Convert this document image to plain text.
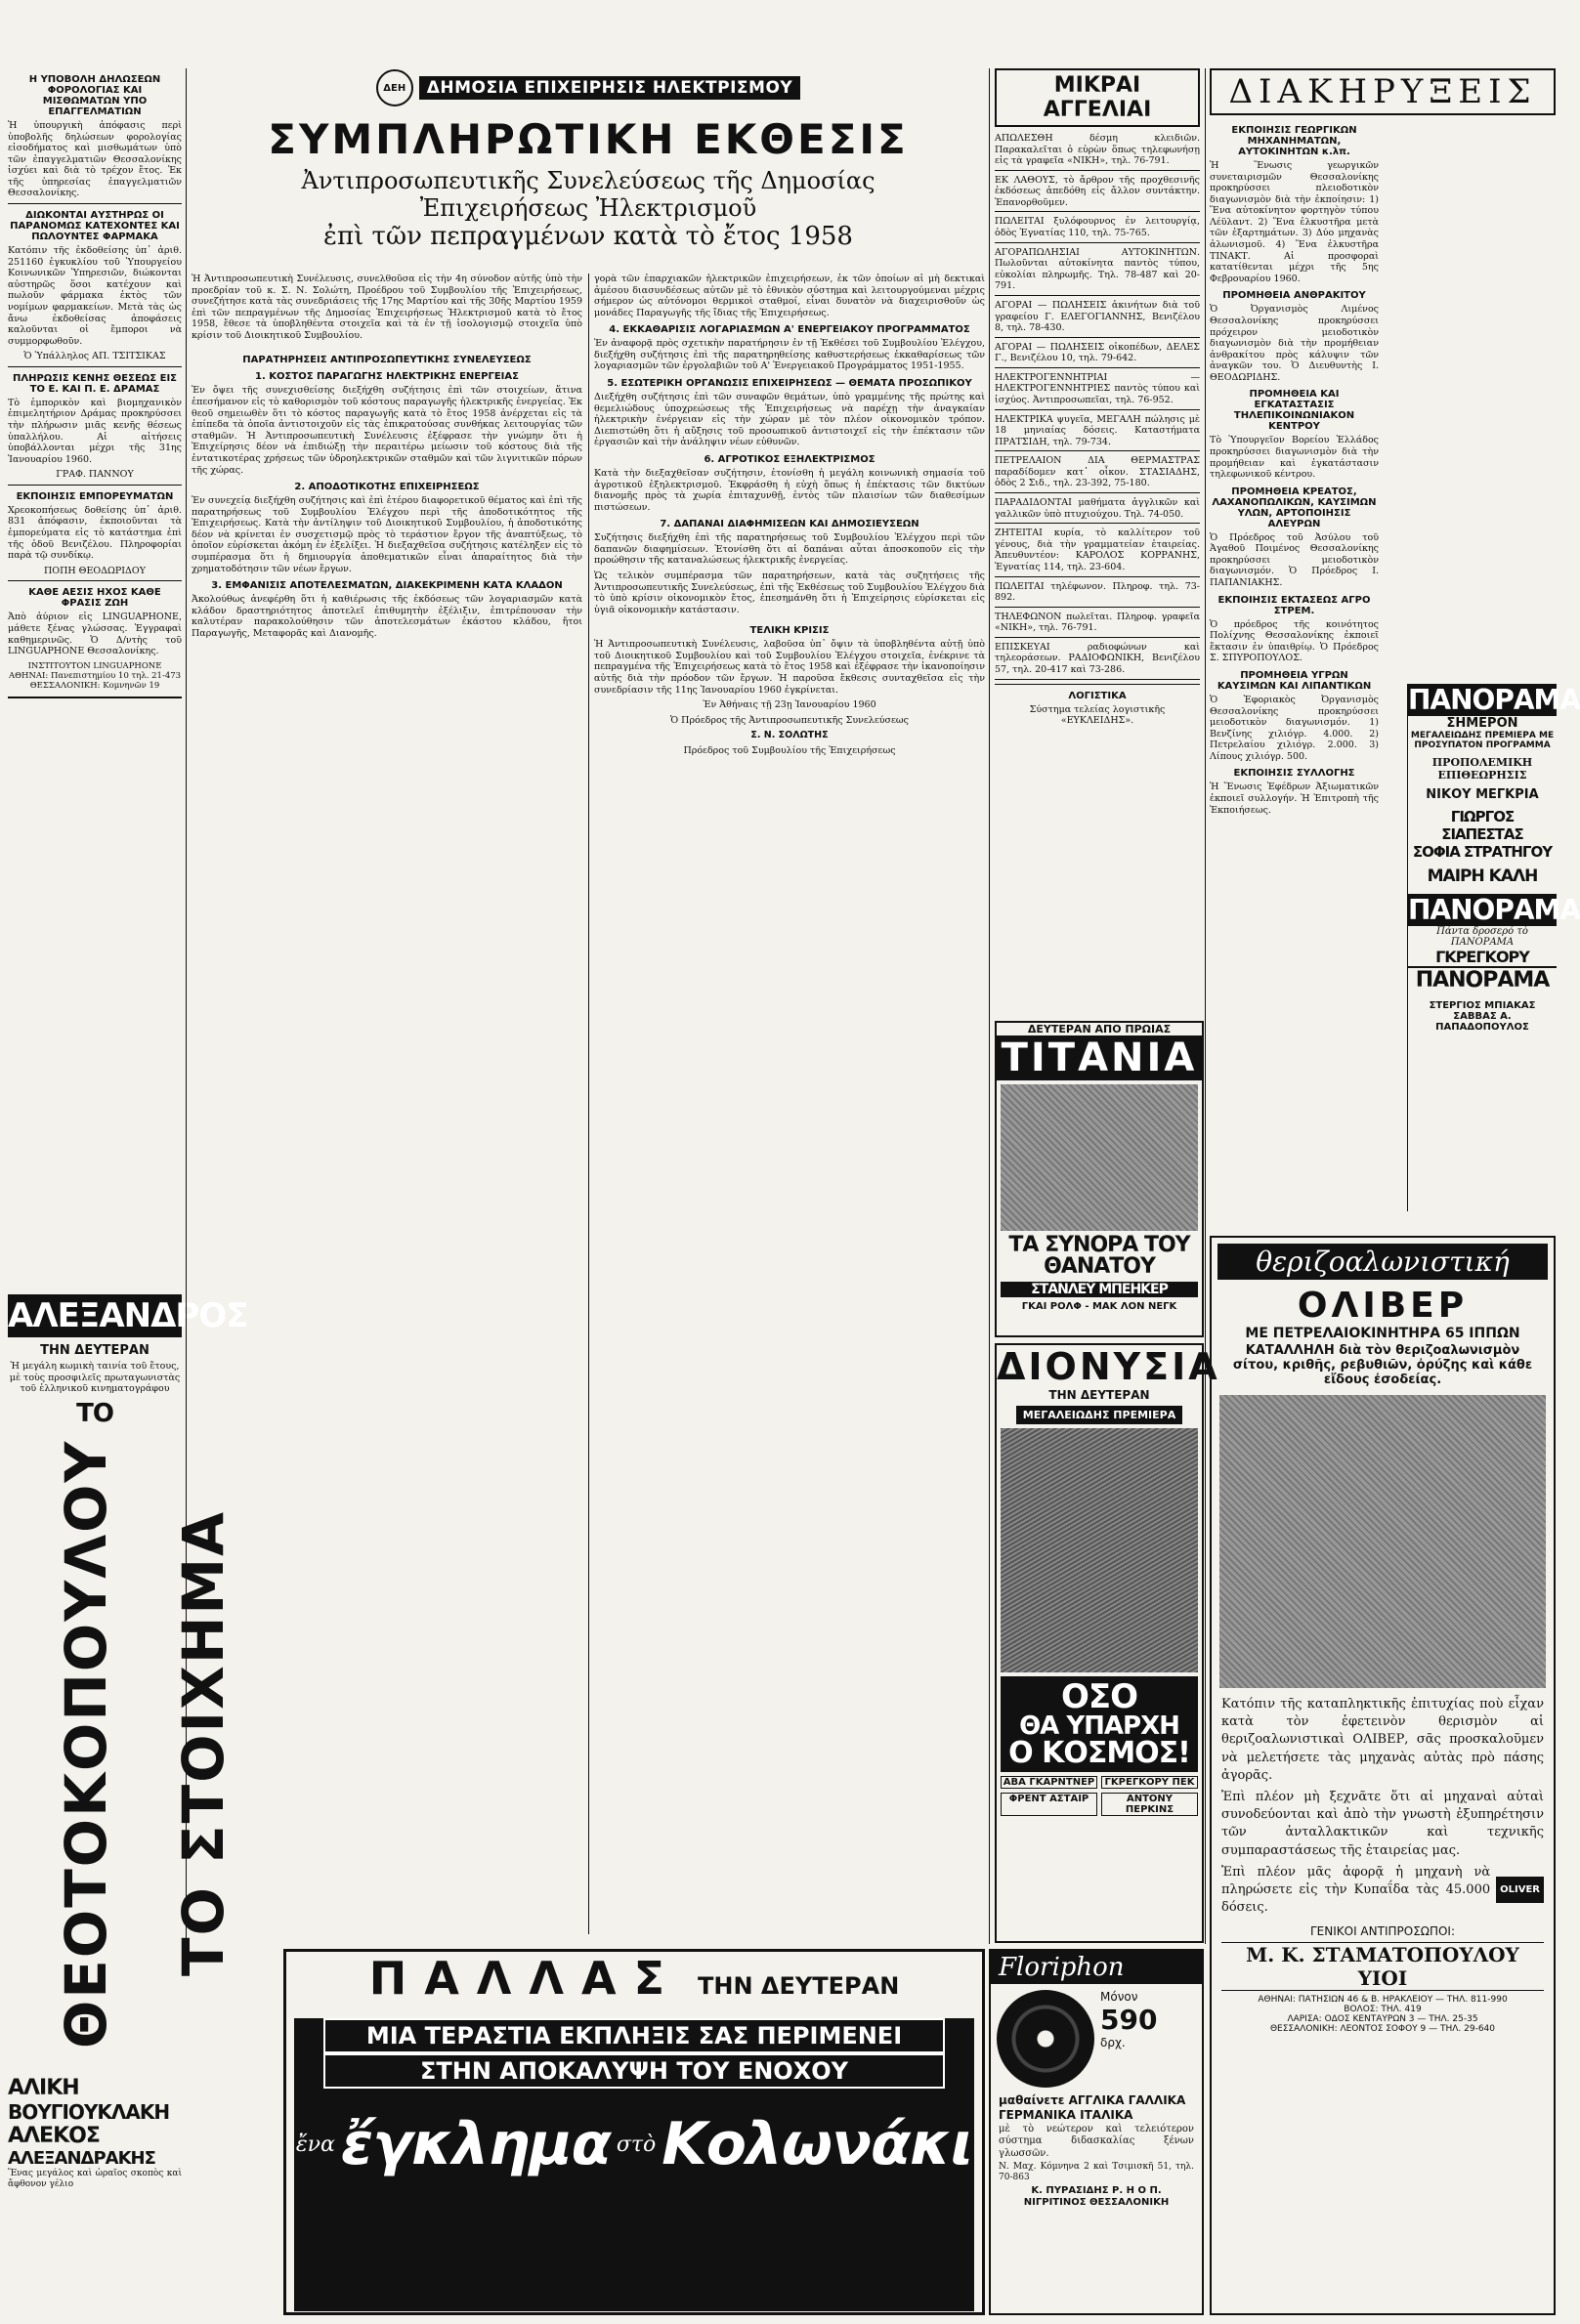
Η ΥΠΟΒΟΛΗ ΔΗΛΩΣΕΩΝ ΦΟΡΟΛΟΓΙΑΣ ΚΑΙ ΜΙΣΘΩΜΑΤΩΝ ΥΠΟ ΕΠΑΓΓΕΛΜΑΤΙΩΝ

Ἡ ὑπουργικὴ ἀπόφασις περὶ ὑποβολῆς δηλώσεων φορολογίας εἰσοδήματος καὶ μισθωμάτων ὑπὸ τῶν ἐπαγγελματιῶν Θεσσαλονίκης ἰσχύει καὶ διὰ τὸ τρέχον ἔτος. Ἐκ τῆς ὑπηρεσίας ἐπαγγελματιῶν Θεσσαλονίκης.

ΔΙΩΚΟΝΤΑΙ ΑΥΣΤΗΡΩΣ ΟΙ ΠΑΡΑΝΟΜΩΣ ΚΑΤΕΧΟΝΤΕΣ ΚΑΙ ΠΩΛΟΥΝΤΕΣ ΦΑΡΜΑΚΑ

Κατόπιν τῆς ἐκδοθείσης ὑπ᾽ ἀριθ. 251160 ἐγκυκλίου τοῦ Ὑπουργείου Κοινωνικῶν Ὑπηρεσιῶν, διώκονται αὐστηρῶς ὅσοι κατέχουν καὶ πωλοῦν φάρμακα ἐκτὸς τῶν νομίμων φαρμακείων. Μετὰ τὰς ὡς ἄνω ἐκδοθείσας ἀποφάσεις καλοῦνται οἱ ἔμποροι νὰ συμμορφωθοῦν.

Ὁ Ὑπάλληλος ΑΠ. ΤΣΙΤΣΙΚΑΣ

ΠΛΗΡΩΣΙΣ ΚΕΝΗΣ ΘΕΣΕΩΣ ΕΙΣ ΤΟ Ε. ΚΑΙ Π. Ε. ΔΡΑΜΑΣ

Τὸ ἐμπορικὸν καὶ βιομηχανικὸν ἐπιμελητήριον Δράμας προκηρύσσει τὴν πλήρωσιν μιᾶς κενῆς θέσεως ὑπαλλήλου. Αἱ αἰτήσεις ὑποβάλλονται μέχρι τῆς 31ης Ἰανουαρίου 1960.

ΓΡΑΦ. ΠΑΝΝΟΥ

ΕΚΠΟΙΗΣΙΣ ΕΜΠΟΡΕΥΜΑΤΩΝ

Χρεοκοπήσεως δοθείσης ὑπ᾽ ἀριθ. 831 ἀπόφασιν, ἐκποιοῦνται τὰ ἐμπορεύματα εἰς τὸ κατάστημα ἐπὶ τῆς ὁδοῦ Βενιζέλου. Πληροφορίαι παρὰ τῷ συνδίκῳ.

ΠΟΠΗ ΘΕΟΔΩΡΙΔΟΥ

ΚΑΘΕ ΑΕΣΙΣ ΗΧΟΣ ΚΑΘΕ ΦΡΑΣΙΣ ΖΩΗ

Ἀπὸ ἀύριον εἰς LINGUAPHONE, μάθετε ξένας γλώσσας. Ἐγγραφαὶ καθημερινῶς. Ὁ Δ/ντὴς τοῦ LINGUAPHONE Θεσσαλονίκης.

ΙΝΣΤΙΤΟΥΤΟΝ LINGUAPHONE ΑΘΗΝΑΙ: Πανεπιστημίου 10 τηλ. 21-473 ΘΕΣΣΑΛΟΝΙΚΗ: Κομνηνῶν 19

ΑΛΕΞΑΝΔΡΟΣ
ΤΗΝ ΔΕΥΤΕΡΑΝ

Ἡ μεγάλη κωμικὴ ταινία τοῦ ἔτους, μὲ τοὺς προσφιλεῖς πρωταγωνιστὰς τοῦ ἑλληνικοῦ κινηματογράφου

ΤΟ
ΘΕΟΤΟΚΟΠΟΥΛΟΥ ΤΟ ΣΤΟΙΧΗΜΑ
ΑΛΙΚΗ
ΒΟΥΓΙΟΥΚΛΑΚΗ
ΑΛΕΚΟΣ
ΑΛΕΞΑΝΔΡΑΚΗΣ

Ἕνας μεγάλος καὶ ὡραῖος σκοπὸς καὶ ἄφθονον γέλιο

ΔΕΗ	ΔΗΜΟΣΙΑ ΕΠΙΧΕΙΡΗΣΙΣ ΗΛΕΚΤΡΙΣΜΟΥ
ΣΥΜΠΛΗΡΩΤΙΚΗ ΕΚΘΕΣΙΣ
Ἀντιπροσωπευτικῆς Συνελεύσεως τῆς Δημοσίας
Ἐπιχειρήσεως Ἠλεκτρισμοῦ
ἐπὶ τῶν πεπραγμένων κατὰ τὸ ἔτος 1958

Ἡ Ἀντιπροσωπευτικὴ Συνέλευσις, συνελθοῦσα εἰς τὴν 4η σύνοδον αὐτῆς ὑπὸ τὴν προεδρίαν τοῦ κ. Σ. Ν. Σολώτη, Προέδρου τοῦ Συμβουλίου τῆς Ἐπιχειρήσεως, συνεζήτησε κατὰ τὰς συνεδριάσεις τῆς 17ης Μαρτίου καὶ τῆς 30ῆς Μαρτίου 1959 ἐπὶ τῶν πεπραγμένων τῆς Δημοσίας Ἐπιχειρήσεως Ἠλεκτρισμοῦ κατὰ τὸ ἔτος 1958, ἔθεσε τὰ ὑποβληθέντα στοιχεῖα καὶ τὰ ἐν τῇ ἰσολογισμῷ στοιχεῖα ὑπὸ κρίσιν τοῦ Διοικητικοῦ Συμβουλίου.

ΠΑΡΑΤΗΡΗΣΕΙΣ ΑΝΤΙΠΡΟΣΩΠΕΥΤΙΚΗΣ ΣΥΝΕΛΕΥΣΕΩΣ
1. ΚΟΣΤΟΣ ΠΑΡΑΓΩΓΗΣ ΗΛΕΚΤΡΙΚΗΣ ΕΝΕΡΓΕΙΑΣ

Ἐν ὄψει τῆς συνεχισθείσης διεξήχθη συζήτησις ἐπὶ τῶν στοιχείων, ἅτινα ἐπεσήμανον εἰς τὸ καθορισμὸν τοῦ κόστους παραγωγῆς ἠλεκτρικῆς ἐνεργείας. Ἐκ θεοῦ σημειωθὲν ὅτι τὸ κόστος παραγωγῆς κατὰ τὸ ἔτος 1958 ἀνέρχεται εἰς τὰ ἐπίπεδα τὰ ὁποῖα ἀντιστοιχοῦν εἰς τὰς ἐπικρατούσας συνθήκας λειτουργίας τῶν σταθμῶν. Ἡ Ἀντιπροσωπευτικὴ Συνέλευσις ἐξέφρασε τὴν γνώμην ὅτι ἡ Ἐπιχείρησις δέον νὰ ἐπιδιώξῃ τὴν περαιτέρω μείωσιν τοῦ κόστους διὰ τῆς ἐντατικοτέρας χρήσεως τῶν ὑδροηλεκτρικῶν σταθμῶν καὶ τῶν λιγνιτικῶν πόρων τῆς χώρας.

2. ΑΠΟΔΟΤΙΚΟΤΗΣ ΕΠΙΧΕΙΡΗΣΕΩΣ

Ἐν συνεχείᾳ διεξήχθη συζήτησις καὶ ἐπὶ ἑτέρου διαφορετικοῦ θέματος καὶ ἐπὶ τῆς παρατηρήσεως τοῦ Συμβουλίου Ἐλέγχου περὶ τῆς ἀποδοτικότητος τῆς Ἐπιχειρήσεως. Κατὰ τὴν ἀντίληψιν τοῦ Διοικητικοῦ Συμβουλίου, ἡ ἀποδοτικότης δέον νὰ κρίνεται ἐν συσχετισμῷ πρὸς τὸ τεράστιον ἔργον τῆς ἀναπτύξεως, τὸ ὁποῖον εὑρίσκεται ἀκόμη ἐν ἐξελίξει. Ἡ διεξαχθεῖσα συζήτησις κατέληξεν εἰς τὸ συμπέρασμα ὅτι ἡ δημιουργία ἀποθεματικῶν εἶναι ἀπαραίτητος διὰ τὴν χρηματοδότησιν τῶν νέων ἔργων.

3. ΕΜΦΑΝΙΣΙΣ ΑΠΟΤΕΛΕΣΜΑΤΩΝ, ΔΙΑΚΕΚΡΙΜΕΝΗ ΚΑΤΑ ΚΛΑΔΟΝ

Ἀκολούθως ἀνεφέρθη ὅτι ἡ καθιέρωσις τῆς ἐκδόσεως τῶν λογαριασμῶν κατὰ κλάδον δραστηριότητος ἀποτελεῖ ἐπιθυμητὴν ἐξέλιξιν, ἐπιτρέπουσαν τὴν καλυτέραν παρακολούθησιν τῶν ἀποτελεσμάτων ἑκάστου κλάδου, ἤτοι Παραγωγῆς, Μεταφορᾶς καὶ Διανομῆς.

γορὰ τῶν ἐπαρχιακῶν ἠλεκτρικῶν ἐπιχειρήσεων, ἐκ τῶν ὁποίων αἱ μὴ δεκτικαὶ ἀμέσου διασυνδέσεως αὐτῶν μὲ τὸ ἐθνικὸν σύστημα καὶ λειτουργούμεναι μέχρις σήμερον ὡς αὐτόνομοι θερμικοὶ σταθμοί, εἶναι δυνατὸν νὰ διαχειρισθοῦν ὡς μονάδες Παραγωγῆς τῆς ἴδιας τῆς Ἐπιχειρήσεως.

4. ΕΚΚΑΘΑΡΙΣΙΣ ΛΟΓΑΡΙΑΣΜΩΝ Α' ΕΝΕΡΓΕΙΑΚΟΥ ΠΡΟΓΡΑΜΜΑΤΟΣ

Ἐν ἀναφορᾷ πρὸς σχετικὴν παρατήρησιν ἐν τῇ Ἐκθέσει τοῦ Συμβουλίου Ἐλέγχου, διεξήχθη συζήτησις ἐπὶ τῆς παρατηρηθείσης καθυστερήσεως ἐκκαθαρίσεως τῶν λογαριασμῶν τῶν ἐργολαβιῶν τοῦ Α' Ἐνεργειακοῦ Προγράμματος 1951-1955.

5. ΕΣΩΤΕΡΙΚΗ ΟΡΓΑΝΩΣΙΣ ΕΠΙΧΕΙΡΗΣΕΩΣ — ΘΕΜΑΤΑ ΠΡΟΣΩΠΙΚΟΥ

Διεξήχθη συζήτησις ἐπὶ τῶν συναφῶν θεμάτων, ὑπὸ γραμμένης τῆς πρώτης καὶ θεμελιώδους ὑποχρεώσεως τῆς Ἐπιχειρήσεως νὰ παρέχῃ τὴν ἀναγκαίαν ἠλεκτρικὴν ἐνέργειαν εἰς τὴν χώραν μὲ τὸν πλέον οἰκονομικὸν τρόπον. Διεπιστώθη ὅτι ἡ αὔξησις τοῦ προσωπικοῦ ἀντιστοιχεῖ εἰς τὴν ἐπέκτασιν τῶν ἐργασιῶν καὶ τὴν ἀνάληψιν νέων εὐθυνῶν.

6. ΑΓΡΟΤΙΚΟΣ ΕΞΗΛΕΚΤΡΙΣΜΟΣ

Κατὰ τὴν διεξαχθεῖσαν συζήτησιν, ἐτονίσθη ἡ μεγάλη κοινωνικὴ σημασία τοῦ ἀγροτικοῦ ἐξηλεκτρισμοῦ. Ἐκφράσθη ἡ εὐχὴ ὅπως ἡ ἐπέκτασις τῶν δικτύων διανομῆς πρὸς τὰ χωρία ἐπιταχυνθῇ, ἐντὸς τῶν πλαισίων τῶν διαθεσίμων πιστώσεων.

7. ΔΑΠΑΝΑΙ ΔΙΑΦΗΜΙΣΕΩΝ ΚΑΙ ΔΗΜΟΣΙΕΥΣΕΩΝ

Συζήτησις διεξήχθη ἐπὶ τῆς παρατηρήσεως τοῦ Συμβουλίου Ἐλέγχου περὶ τῶν δαπανῶν διαφημίσεων. Ἐτονίσθη ὅτι αἱ δαπάναι αὗται ἀποσκοποῦν εἰς τὴν προώθησιν τῆς καταναλώσεως ἠλεκτρικῆς ἐνεργείας.

Ὡς τελικὸν συμπέρασμα τῶν παρατηρήσεων, κατὰ τὰς συζητήσεις τῆς Ἀντιπροσωπευτικῆς Συνελεύσεως, ἐπὶ τῆς Ἐκθέσεως τοῦ Συμβουλίου Ἐλέγχου διὰ τὸ ὑπὸ κρίσιν οἰκονομικὸν ἔτος, ἐπεσημάνθη ὅτι ἡ Ἐπιχείρησις εὑρίσκεται εἰς ὑγιᾶ οἰκονομικὴν κατάστασιν.

ΤΕΛΙΚΗ ΚΡΙΣΙΣ

Ἡ Ἀντιπροσωπευτικὴ Συνέλευσις, λαβοῦσα ὑπ᾽ ὄψιν τὰ ὑποβληθέντα αὐτῇ ὑπὸ τοῦ Διοικητικοῦ Συμβουλίου καὶ τοῦ Συμβουλίου Ἐλέγχου στοιχεῖα, ἐνέκρινε τὰ πεπραγμένα τῆς Ἐπιχειρήσεως κατὰ τὸ ἔτος 1958 καὶ ἐξέφρασε τὴν ἱκανοποίησιν αὐτῆς διὰ τὴν πρόοδον τῶν ἔργων. Ἡ παροῦσα ἔκθεσις συνταχθεῖσα εἰς τὴν συνεδρίασιν τῆς 11ης Ἰανουαρίου 1960 ἐγκρίνεται.

Ἐν Ἀθήναις τῇ 23ῃ Ἰανουαρίου 1960

Ὁ Πρόεδρος τῆς Ἀντιπροσωπευτικῆς Συνελεύσεως

Σ. Ν. ΣΟΛΩΤΗΣ

Πρόεδρος τοῦ Συμβουλίου τῆς Ἐπιχειρήσεως

ΜΙΚΡΑΙ ΑΓΓΕΛΙΑΙ

ΑΠΩΛΕΣΘΗ δέσμη κλειδιῶν. Παρακαλεῖται ὁ εὑρὼν ὅπως τηλεφωνήσῃ εἰς τὰ γραφεῖα «ΝΙΚΗ», τηλ. 76-791.

ΕΚ ΛΑΘΟΥΣ, τὸ ἄρθρον τῆς προχθεσινῆς ἐκδόσεως ἀπεδόθη εἰς ἄλλον συντάκτην. Ἐπανορθοῦμεν.

ΠΩΛΕΙΤΑΙ ξυλόφουρνος ἐν λειτουργίᾳ, ὁδὸς Ἐγνατίας 110, τηλ. 75-765.

ΑΓΟΡΑΠΩΛΗΣΙΑΙ ΑΥΤΟΚΙΝΗΤΩΝ. Πωλοῦνται αὐτοκίνητα παντὸς τύπου, εὐκολίαι πληρωμῆς. Τηλ. 78-487 καὶ 20-791.

ΑΓΟΡΑΙ — ΠΩΛΗΣΕΙΣ ἀκινήτων διὰ τοῦ γραφείου Γ. ΕΛΕΓΟΓΙΑΝΝΗΣ, Βενιζέλου 8, τηλ. 78-430.

ΑΓΟΡΑΙ — ΠΩΛΗΣΕΙΣ οἰκοπέδων, ΔΕΛΕΣ Γ., Βενιζέλου 10, τηλ. 79-642.

ΗΛΕΚΤΡΟΓΕΝΝΗΤΡΙΑΙ — ΗΛΕΚΤΡΟΓΕΝΝΗΤΡΙΕΣ παντὸς τύπου καὶ ἰσχύος. Ἀντιπροσωπεῖαι, τηλ. 76-952.

ΗΛΕΚΤΡΙΚΑ ψυγεῖα, ΜΕΓΑΛΗ πώλησις μὲ 18 μηνιαίας δόσεις. Καταστήματα ΠΡΑΤΣΙΔΗ, τηλ. 79-734.

ΠΕΤΡΕΛΑΙΟΝ ΔΙΑ ΘΕΡΜΑΣΤΡΑΣ παραδίδομεν κατ᾽ οἶκον. ΣΤΑΣΙΑΔΗΣ, ὁδὸς 2 Σιδ., τηλ. 23-392, 75-180.

ΠΑΡΑΔΙΔΟΝΤΑΙ μαθήματα ἀγγλικῶν καὶ γαλλικῶν ὑπὸ πτυχιούχου. Τηλ. 74-050.

ΖΗΤΕΙΤΑΙ κυρία, τὸ καλλίτερον τοῦ γένους, διὰ τὴν γραμματείαν ἑταιρείας. Ἀπευθυντέον: ΚΑΡΟΛΟΣ ΚΟΡΡΑΝΗΣ, Ἐγνατίας 114, τηλ. 23-604.

ΠΩΛΕΙΤΑΙ τηλέφωνον. Πληροφ. τηλ. 73-892.

ΤΗΛΕΦΩΝΟΝ πωλεῖται. Πληροφ. γραφεῖα «ΝΙΚΗ», τηλ. 76-791.

ΕΠΙΣΚΕΥΑΙ ραδιοφώνων καὶ τηλεοράσεων. ΡΑΔΙΟΦΩΝΙΚΗ, Βενιζέλου 57, τηλ. 20-417 καὶ 73-286.

ΛΟΓΙΣΤΙΚΑ

Σύστημα τελείας λογιστικῆς «ΕΥΚΛΕΙΔΗΣ».

ΔΕΥΤΕΡΑΝ ΑΠΟ ΠΡΩΙΑΣ
ΤΙΤΑΝΙΑ
ΤΑ ΣΥΝΟΡΑ ΤΟΥ ΘΑΝΑΤΟΥ
ΣΤΑΝΛΕΫ ΜΠΕΗΚΕΡ
ΓΚΑΙ ΡΟΛΦ - ΜΑΚ ΛΟΝ ΝΕΓΚ
ΔΙΟΝΥΣΙΑ
ΤΗΝ ΔΕΥΤΕΡΑΝ
ΜΕΓΑΛΕΙΩΔΗΣ ΠΡΕΜΙΕΡΑ
ΟΣΟ
ΘΑ ΥΠΑΡΧΗ
Ο ΚΟΣΜΟΣ!
ΑΒΑ ΓΚΑΡΝΤΝΕΡ	ΓΚΡΕΓΚΟΡΥ ΠΕΚ
ΦΡΕΝΤ ΑΣΤΑΙΡ	ΑΝΤΟΝΥ ΠΕΡΚΙΝΣ
ΔΙΑΚΗΡΥΞΕΙΣ
ΕΚΠΟΙΗΣΙΣ ΓΕΩΡΓΙΚΩΝ ΜΗΧΑΝΗΜΑΤΩΝ, ΑΥΤΟΚΙΝΗΤΩΝ κ.λπ.

Ἡ Ἕνωσις γεωργικῶν συνεταιρισμῶν Θεσσαλονίκης προκηρύσσει πλειοδοτικὸν διαγωνισμὸν διὰ τὴν ἐκποίησιν: 1) Ἕνα αὐτοκίνητον φορτηγὸν τύπου Λέϋλαντ. 2) Ἕνα ἐλκυστῆρα μετὰ τῶν ἐξαρτημάτων. 3) Δύο μηχανὰς ἀλωνισμοῦ. 4) Ἕνα ἐλκυστῆρα ΤΙΝΑΚΤ. Αἱ προσφοραὶ κατατίθενται μέχρι τῆς 5ης Φεβρουαρίου 1960.

ΠΡΟΜΗΘΕΙΑ ΑΝΘΡΑΚΙΤΟΥ

Ὁ Ὀργανισμὸς Λιμένος Θεσσαλονίκης προκηρύσσει πρόχειρον μειοδοτικὸν διαγωνισμὸν διὰ τὴν προμήθειαν ἀνθρακίτου πρὸς κάλυψιν τῶν ἀναγκῶν του. Ὁ Διευθυντὴς Ι. ΘΕΟΔΩΡΙΔΗΣ.

ΠΡΟΜΗΘΕΙΑ ΚΑΙ ΕΓΚΑΤΑΣΤΑΣΙΣ ΤΗΛΕΠΙΚΟΙΝΩΝΙΑΚΟΝ ΚΕΝΤΡΟΥ

Τὸ Ὑπουργεῖον Βορείου Ἑλλάδος προκηρύσσει διαγωνισμὸν διὰ τὴν προμήθειαν καὶ ἐγκατάστασιν τηλεφωνικοῦ κέντρου.

ΠΡΟΜΗΘΕΙΑ ΚΡΕΑΤΟΣ, ΛΑΧΑΝΟΠΩΛΙΚΩΝ, ΚΑΥΣΙΜΩΝ ΥΛΩΝ, ΑΡΤΟΠΟΙΗΣΙΣ ΑΛΕΥΡΩΝ

Ὁ Πρόεδρος τοῦ Ἀσύλου τοῦ Ἀγαθοῦ Ποιμένος Θεσσαλονίκης προκηρύσσει μειοδοτικὸν διαγωνισμόν. Ὁ Πρόεδρος Ι. ΠΑΠΑΝΙΑΚΗΣ.

ΕΚΠΟΙΗΣΙΣ ΕΚΤΑΣΕΩΣ ΑΓΡΟ ΣΤΡΕΜ.

Ὁ πρόεδρος τῆς κοινότητος Πολίχνης Θεσσαλονίκης ἐκποιεῖ ἔκτασιν ἐν ὑπαιθρίῳ. Ὁ Πρόεδρος Σ. ΣΠΥΡΟΠΟΥΛΟΣ.

ΠΡΟΜΗΘΕΙΑ ΥΓΡΩΝ ΚΑΥΣΙΜΩΝ ΚΑΙ ΛΙΠΑΝΤΙΚΩΝ

Ὁ Ἐφοριακὸς Ὀργανισμὸς Θεσσαλονίκης προκηρύσσει μειοδοτικὸν διαγωνισμόν. 1) Βενζίνης χιλιόγρ. 4.000. 2) Πετρελαίου χιλιόγρ. 2.000. 3) Λίπους χιλιόγρ. 500.

ΕΚΠΟΙΗΣΙΣ ΣΥΛΛΟΓΗΣ

Ἡ Ἕνωσις Ἐφέδρων Ἀξιωματικῶν ἐκποιεῖ συλλογήν. Ἡ Ἐπιτροπὴ τῆς Ἐκποιήσεως.

ΠΑΝΟΡΑΜΑ
ΣΗΜΕΡΟΝ
ΜΕΓΑΛΕΙΩΔΗΣ ΠΡΕΜΙΕΡΑ ΜΕ ΠΡΟΣΥΠΑΤΟΝ ΠΡΟΓΡΑΜΜΑ
ΠΡΟΠΟΛΕΜΙΚΗ ΕΠΙΘΕΩΡΗΣΙΣ
ΝΙΚΟΥ ΜΕΓΚΡΙΑ
ΓΙΩΡΓΟΣ ΣΙΑΠΕΣΤΑΣ
ΣΟΦΙΑ ΣΤΡΑΤΗΓΟΥ
ΜΑΙΡΗ ΚΑΛΗ
ΠΑΝΟΡΑΜΑ
Πάντα δροσερό τὸ ΠΑΝΟΡΑΜΑ
ΓΚΡΕΓΚΟΡΥ
ΠΑΝΟΡΑΜΑ
ΣΤΕΡΓΙΟΣ ΜΠΙΑΚΑΣ
ΣΑΒΒΑΣ Α. ΠΑΠΑΔΟΠΟΥΛΟΣ
θεριζοαλωνιστική
ΟΛΙΒΕΡ
ΜΕ ΠΕΤΡΕΛΑΙΟΚΙΝΗΤΗΡΑ 65 ΙΠΠΩΝ
ΚΑΤΑΛΛΗΛΗ διὰ τὸν θεριζοαλωνισμὸν σίτου, κριθῆς, ρεβυθιῶν, ὀρύζης καὶ κάθε εἴδους ἐσοδείας.

Κατόπιν τῆς καταπληκτικῆς ἐπιτυχίας ποὺ εἶχαν κατὰ τὸν ἐφετεινὸν θερισμὸν αἱ θεριζοαλωνιστικαὶ ΟΛΙΒΕΡ, σᾶς προσκαλοῦμεν νὰ μελετήσετε τὰς μηχανὰς αὐτὰς πρὸ πάσης ἀγορᾶς.

Ἐπὶ πλέον μὴ ξεχνᾶτε ὅτι αἱ μηχαναὶ αὐταὶ συνοδεύονται καὶ ἀπὸ τὴν γνωστὴ ἐξυπηρέτησιν τῶν ἀνταλλακτικῶν καὶ τεχνικῆς συμπαραστάσεως τῆς ἑταιρείας μας.

Ἐπὶ πλέον μᾶς ἀφορᾷ ἡ μηχανὴ νὰ πληρώσετε εἰς τὴν Κυπαΐδα τὰς 45.000 δόσεις.

OLIVER
ΓΕΝΙΚΟΙ ΑΝΤΙΠΡΟΣΩΠΟΙ:
Μ. Κ. ΣΤΑΜΑΤΟΠΟΥΛΟΥ ΥΙΟΙ
ΑΘΗΝΑΙ: ΠΑΤΗΣΙΩΝ 46 & Β. ΗΡΑΚΛΕΙΟΥ — ΤΗΛ. 811-990
ΒΟΛΟΣ: ΤΗΛ. 419
ΛΑΡΙΣΑ: ΟΔΟΣ ΚΕΝΤΑΥΡΩΝ 3 — ΤΗΛ. 25-35
ΘΕΣΣΑΛΟΝΙΚΗ: ΛΕΟΝΤΟΣ ΣΟΦΟΥ 9 — ΤΗΛ. 29-640
ΠΑΛΛΑΣ ΤΗΝ ΔΕΥΤΕΡΑΝ
ΜΙΑ ΤΕΡΑΣΤΙΑ ΕΚΠΛΗΞΙΣ ΣΑΣ ΠΕΡΙΜΕΝΕΙ
ΣΤΗΝ ΑΠΟΚΑΛΥΨΗ ΤΟΥ ΕΝΟΧΟΥ
ἔνα ἔγκλημα στὸ Κολωνάκι
Floriphon
Μόνον
590
δρχ.

μαθαίνετε ΑΓΓΛΙΚΑ ΓΑΛΛΙΚΑ ΓΕΡΜΑΝΙΚΑ ΙΤΑΛΙΚΑ

μὲ τὸ νεώτερον καὶ τελειότερον σύστημα διδασκαλίας ξένων γλωσσῶν.

Ν. Μαχ. Κόμνηνα 2 καὶ Τσιμισκῆ 51, τηλ. 70-863

Κ. ΠΥΡΑΣΙΔΗΣ Ρ. Η Ο Π. ΝΙΓΡΙΤΙΝΟΣ ΘΕΣΣΑΛΟΝΙΚΗ
